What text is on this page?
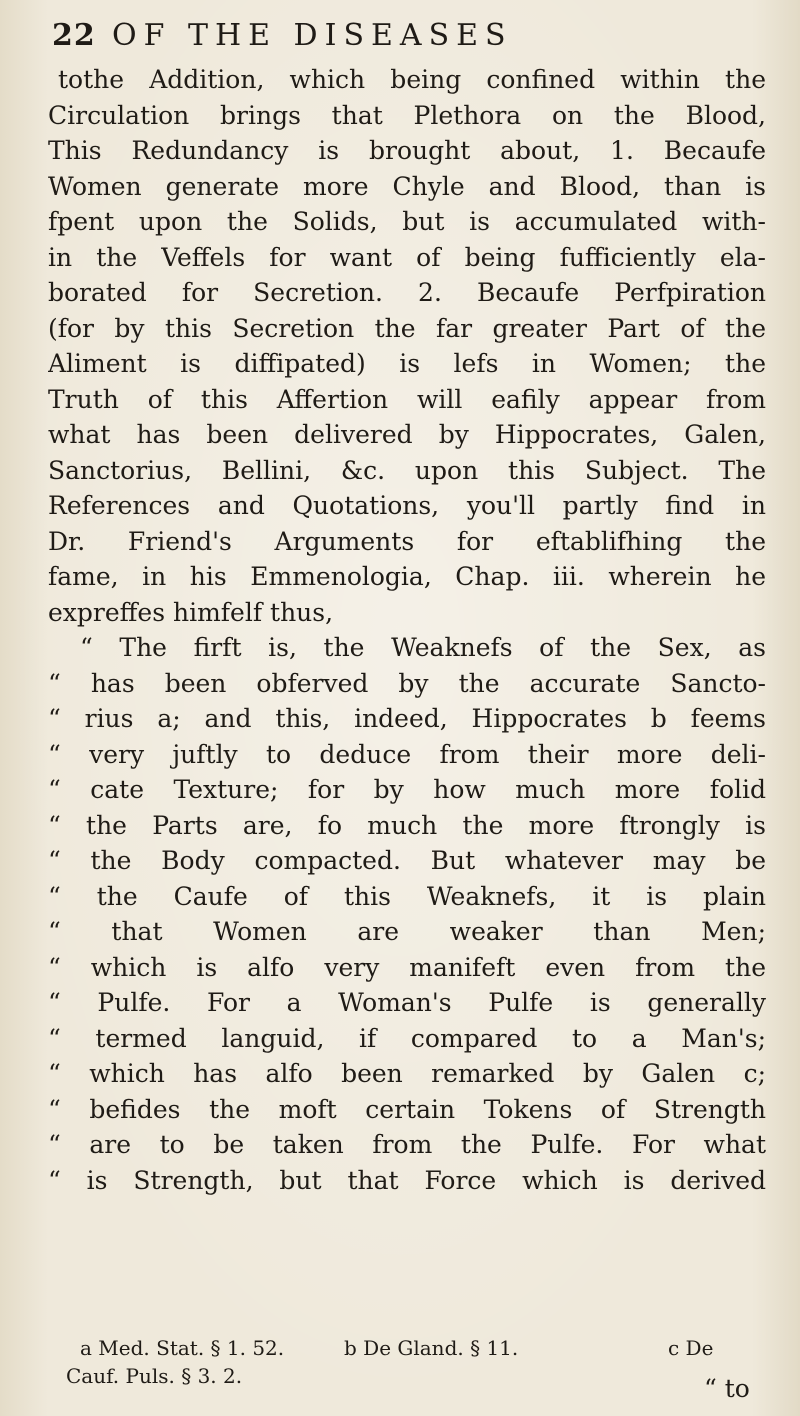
22 OF THE DISEASES
tothe Addition, which being confined within the
Circulation brings that Plethora on the Blood,
This Redundancy is brought about, 1. Becaufe
Women generate more Chyle and Blood, than is
fpent upon the Solids, but is accumulated with-
in the Veffels for want of being fufficiently ela-
borated for Secretion. 2. Becaufe Perfpiration
(for by this Secretion the far greater Part of the
Aliment is diffipated) is lefs in Women; the
Truth of this Affertion will eafily appear from
what has been delivered by Hippocrates, Galen,
Sanctorius, Bellini, &c. upon this Subject. The
References and Quotations, you'll partly find in
Dr. Friend's Arguments for eftablifhing the
fame, in his Emmenologia, Chap. iii. wherein he
expreffes himfelf thus,
“ The firft is, the Weaknefs of the Sex, as
“ has been obferved by the accurate Sancto-
“ rius a; and this, indeed, Hippocrates b feems
“ very juftly to deduce from their more deli-
“ cate Texture; for by how much more folid
“ the Parts are, fo much the more ftrongly is
“ the Body compacted. But whatever may be
“ the Caufe of this Weaknefs, it is plain
“ that Women are weaker than Men;
“ which is alfo very manifeft even from the
“ Pulfe. For a Woman's Pulfe is generally
“ termed languid, if compared to a Man's;
“ which has alfo been remarked by Galen c;
“ befides the moft certain Tokens of Strength
“ are to be taken from the Pulfe. For what
“ is Strength, but that Force which is derived
a Med. Stat. § 1. 52.	b De Gland. § 11.	c De
Cauf. Puls. § 3. 2.	“ to
